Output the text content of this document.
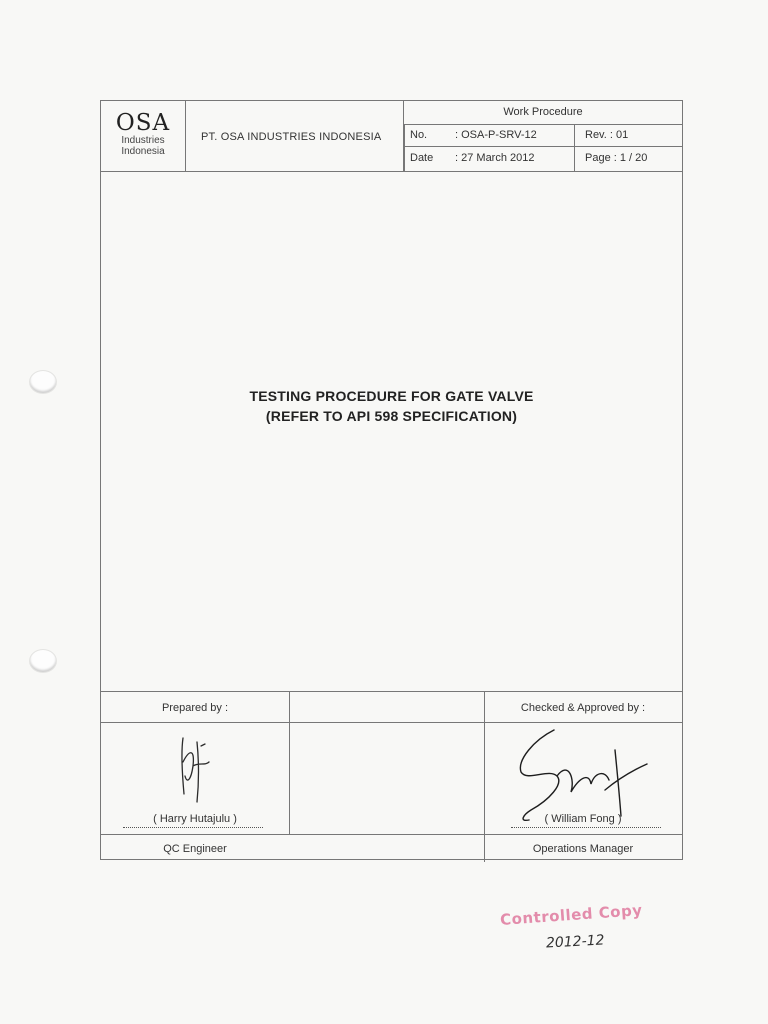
OSA
Industries
Indonesia
PT. OSA INDUSTRIES INDONESIA
Work Procedure
No.	: OSA-P-SRV-12	Rev. : 01
Date	: 27 March 2012	Page : 1 / 20
TESTING PROCEDURE FOR GATE VALVE
(REFER TO API 598 SPECIFICATION)
Prepared by :	Checked & Approved by :
( Harry Hutajulu )	( William Fong )
QC Engineer	Operations Manager
Controlled Copy
2012-12
